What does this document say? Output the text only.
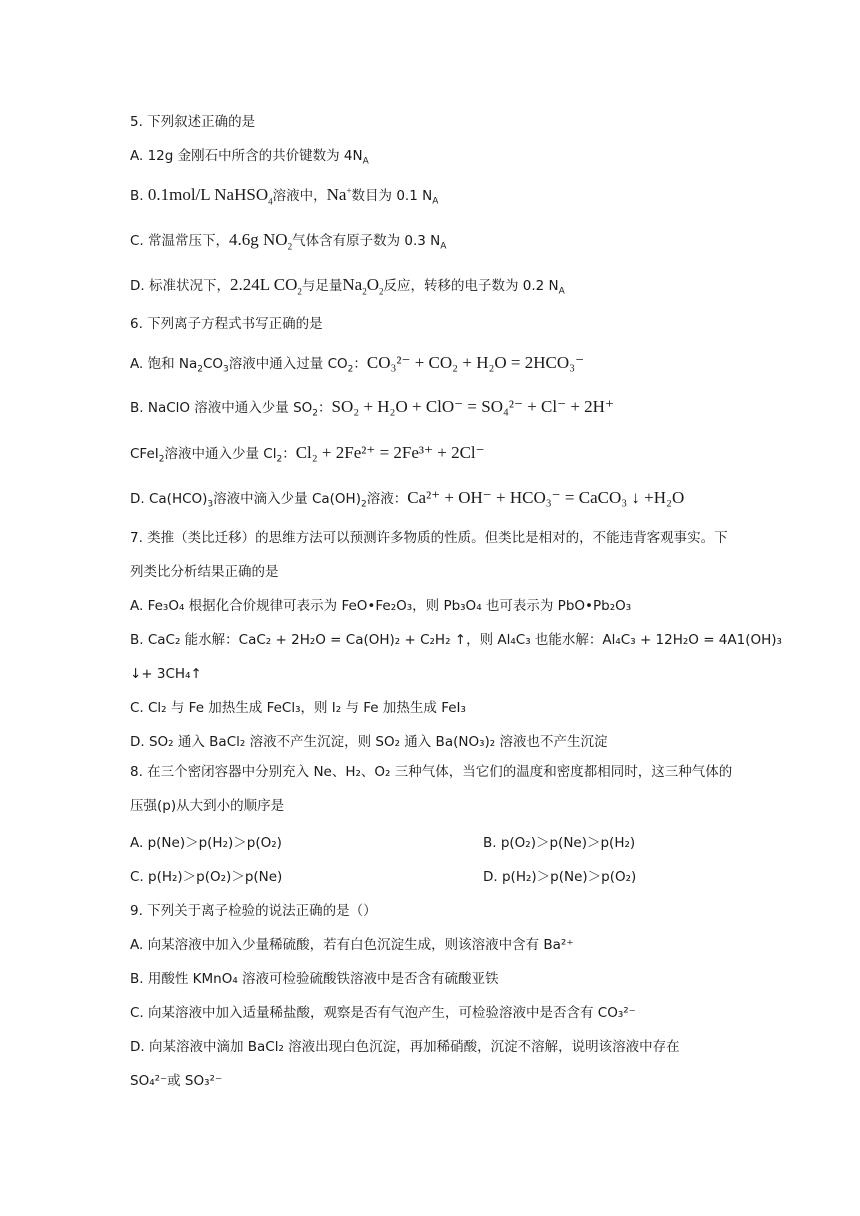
5. 下列叙述正确的是
A. 12g 金刚石中所含的共价键数为 $4N_A$
B. 0.1mol/L NaHSO$_4$溶液中，Na+数目为 0.1 $N_A$
C. 常温常压下，4.6g $NO_2$气体含有原子数为 0.3 $N_A$
D. 标准状况下，2.24L $CO_2$与足量$Na_2O_2$反应，转移的电子数为 0.2 $N_A$
6. 下列离子方程式书写正确的是
A. 饱和 $Na_2CO_3$溶液中通入过量 $CO_2$：CO₃²⁻ + CO₂ + H₂O = 2HCO₃⁻
B. NaClO 溶液中通入少量 $SO_2$：SO₂ + H₂O + ClO⁻ = SO₄²⁻ + Cl⁻ + 2H⁺
CFeI$_2$溶液中通入少量 $Cl_2$：Cl₂ + 2Fe²⁺ = 2Fe³⁺ + 2Cl⁻
D. $Ca(HCO)_3$溶液中滴入少量 $Ca(OH)_2$溶液：Ca²⁺ + OH⁻ + HCO₃⁻ = CaCO₃ ↓ +H₂O
7. 类推（类比迁移）的思维方法可以预测许多物质的性质。但类比是相对的，不能违背客观事实。下列类比分析结果正确的是
A. Fe₃O₄ 根据化合价规律可表示为 FeO•Fe₂O₃，则 Pb₃O₄ 也可表示为 PbO•Pb₂O₃
B. CaC₂ 能水解：CaC₂ + 2H₂O = Ca(OH)₂ + C₂H₂ ↑，则 Al₄C₃ 也能水解：Al₄C₃ + 12H₂O = 4A1(OH)₃
↓+ 3CH₄↑
C. Cl₂ 与 Fe 加热生成 FeCl₃，则 I₂ 与 Fe 加热生成 FeI₃
D. SO₂ 通入 BaCl₂ 溶液不产生沉淀，则 SO₂ 通入 Ba(NO₃)₂ 溶液也不产生沉淀
8. 在三个密闭容器中分别充入 Ne、H₂、O₂ 三种气体，当它们的温度和密度都相同时，这三种气体的压强(p)从大到小的顺序是
A. p(Ne)＞p(H₂)＞p(O₂)	B. p(O₂)＞p(Ne)＞p(H₂)
C. p(H₂)＞p(O₂)＞p(Ne)	D. p(H₂)＞p(Ne)＞p(O₂)
9. 下列关于离子检验的说法正确的是（）
A. 向某溶液中加入少量稀硫酸，若有白色沉淀生成，则该溶液中含有 Ba²⁺
B. 用酸性 KMnO₄ 溶液可检验硫酸铁溶液中是否含有硫酸亚铁
C. 向某溶液中加入适量稀盐酸，观察是否有气泡产生，可检验溶液中是否含有 CO₃²⁻
D. 向某溶液中滴加 BaCl₂ 溶液出现白色沉淀，再加稀硝酸，沉淀不溶解，说明该溶液中存在
SO₄²⁻或 SO₃²⁻
